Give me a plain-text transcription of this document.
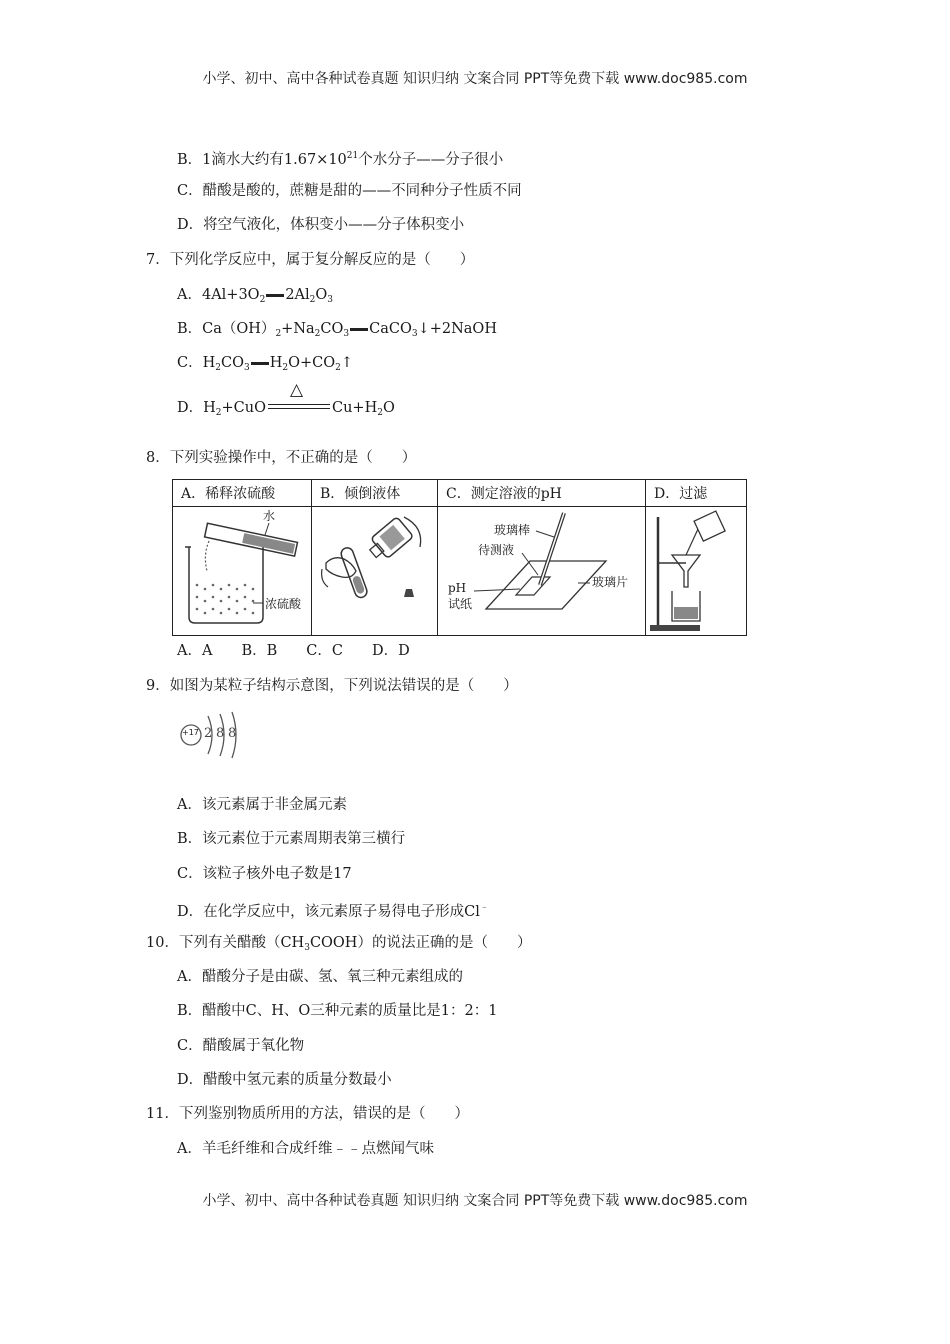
小学、初中、高中各种试卷真题 知识归纳 文案合同 PPT等免费下载 www.doc985.com
B．1滴水大约有$1.67\times 10^{21}$个水分子——分子很小
C．醋酸是酸的，蔗糖是甜的——不同种分子性质不同
D．将空气液化，体积变小——分子体积变小
7．下列化学反应中，属于复分解反应的是（　　）
A．$4Al+3O_2$ $2Al_2O_3$
B．$Ca(OH)_2+Na_2CO_3$ CaCO$_3$↓+2NaOH
C．$H_2CO_3$ $H_2O+CO_2↑$
D．$H_2+CuO$
△
$Cu+H_2O$
8．下列实验操作中，不正确的是（　　）
A．稀释浓硫酸	B．倾倒液体	C．测定溶液的pH	D．过滤

水
浓硫酸		玻璃棒
待测液
pH
试纸
玻璃片

A．A　　B．B　　C．C　　D．D
9．如图为某粒子结构示意图，下列说法错误的是（　　）
+17 2 8 8
A．该元素属于非金属元素
B．该元素位于元素周期表第三横行
C．该粒子核外电子数是17
D．在化学反应中，该元素原子易得电子形成Cl﹣
10．下列有关醋酸$(CH_3COOH)$的说法正确的是（　　）
A．醋酸分子是由碳、氢、氧三种元素组成的
B．醋酸中C、H、O三种元素的质量比是1：2：1
C．醋酸属于氧化物
D．醋酸中氢元素的质量分数最小
11．下列鉴别物质所用的方法，错误的是（　　）
A．羊毛纤维和合成纤维﹣﹣点燃闻气味
小学、初中、高中各种试卷真题 知识归纳 文案合同 PPT等免费下载 www.doc985.com
